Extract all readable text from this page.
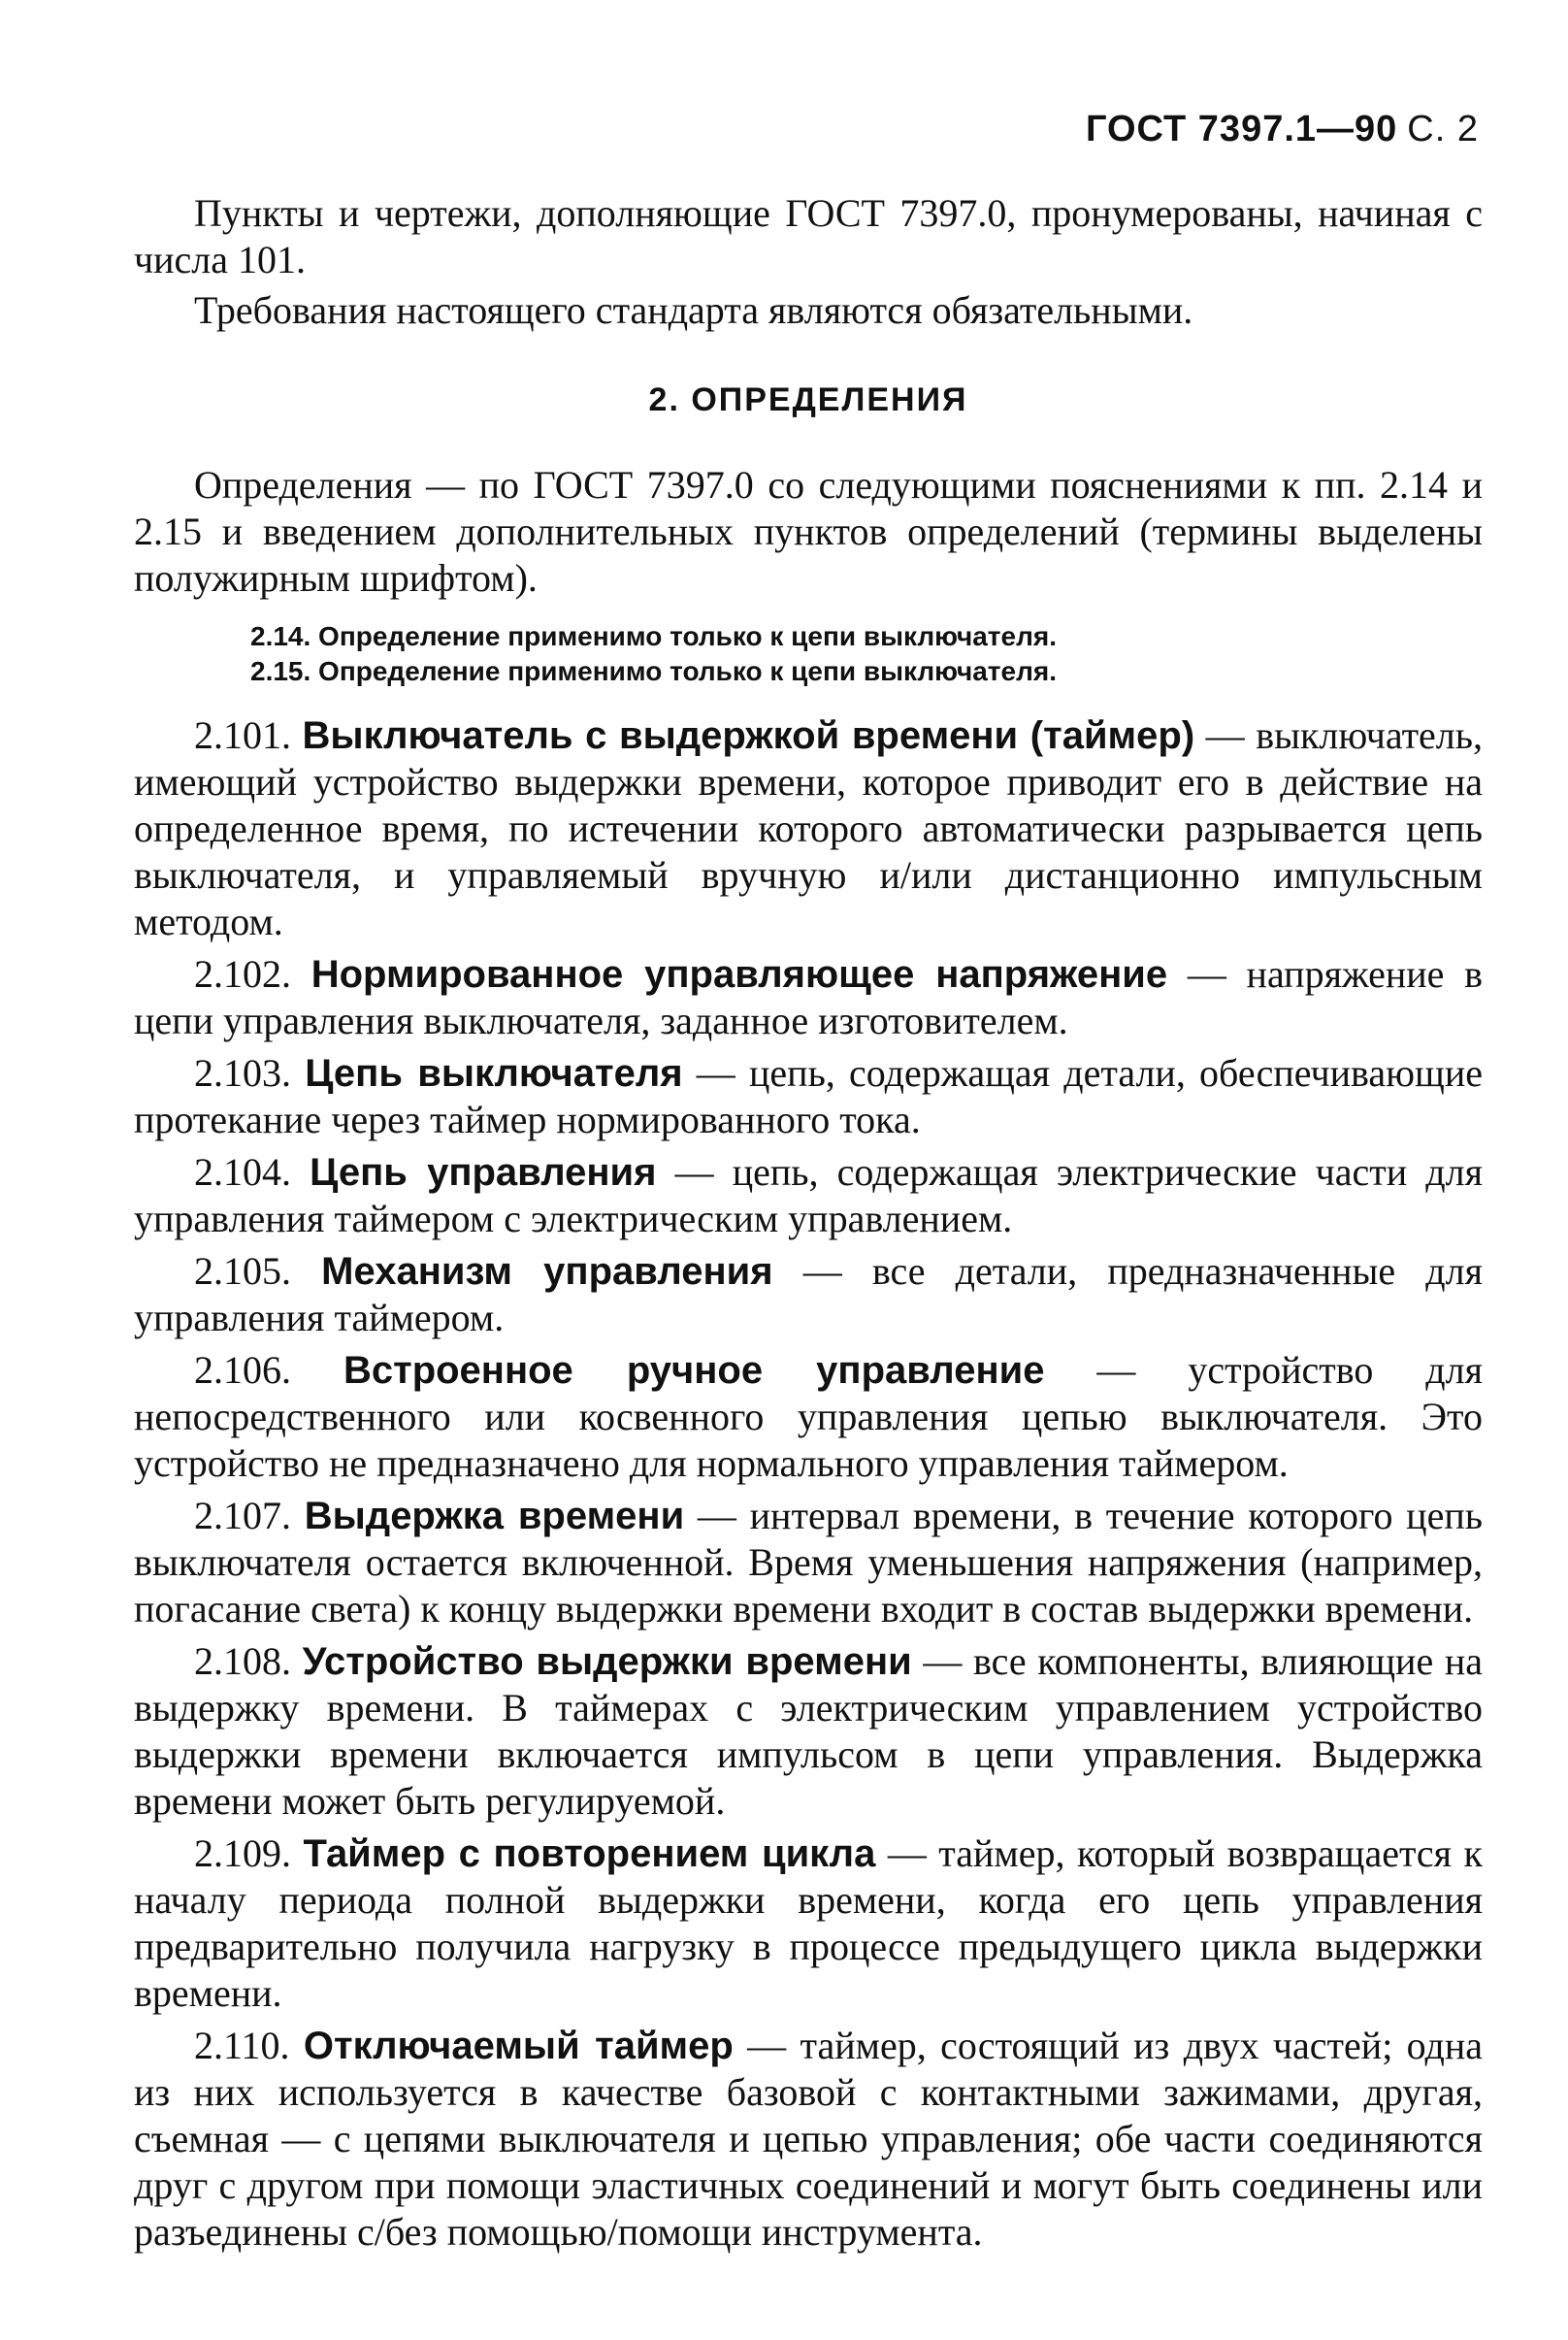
ГОСТ 7397.1—90 С. 2

Пункты и чертежи, дополняющие ГОСТ 7397.0, пронумерованы, начиная с числа 101.

Требования настоящего стандарта являются обязательными.

2. ОПРЕДЕЛЕНИЯ

Определения — по ГОСТ 7397.0 со следующими пояснениями к пп. 2.14 и 2.15 и введением дополнительных пунктов определений (термины выделены полужирным шрифтом).

2.14. Определение применимо только к цепи выключателя.

2.15. Определение применимо только к цепи выключателя.

2.101. Выключатель с выдержкой времени (таймер) — выключатель, имеющий устройство выдержки времени, которое приводит его в действие на определенное время, по истечении которого автоматически разрывается цепь выключателя, и управляемый вручную и/или дистанционно импульсным методом.

2.102. Нормированное управляющее напряжение — напряжение в цепи управления выключателя, заданное изготовителем.

2.103. Цепь выключателя — цепь, содержащая детали, обеспечивающие протекание через таймер нормированного тока.

2.104. Цепь управления — цепь, содержащая электрические части для управления таймером с электрическим управлением.

2.105. Механизм управления — все детали, предназначенные для управления таймером.

2.106. Встроенное ручное управление — устройство для непосредственного или косвенного управления цепью выключателя. Это устройство не предназначено для нормального управления таймером.

2.107. Выдержка времени — интервал времени, в течение которого цепь выключателя остается включенной. Время уменьшения напряжения (например, погасание света) к концу выдержки времени входит в состав выдержки времени.

2.108. Устройство выдержки времени — все компоненты, влияющие на выдержку времени. В таймерах с электрическим управлением устройство выдержки времени включается импульсом в цепи управления. Выдержка времени может быть регулируемой.

2.109. Таймер с повторением цикла — таймер, который возвращается к началу периода полной выдержки времени, когда его цепь управления предварительно получила нагрузку в процессе предыдущего цикла выдержки времени.

2.110. Отключаемый таймер — таймер, состоящий из двух частей; одна из них используется в качестве базовой с контактными зажимами, другая, съемная — с цепями выключателя и цепью управления; обе части соединяются друг с другом при помощи эластичных соединений и могут быть соединены или разъединены с/без помощью/помощи инструмента.
